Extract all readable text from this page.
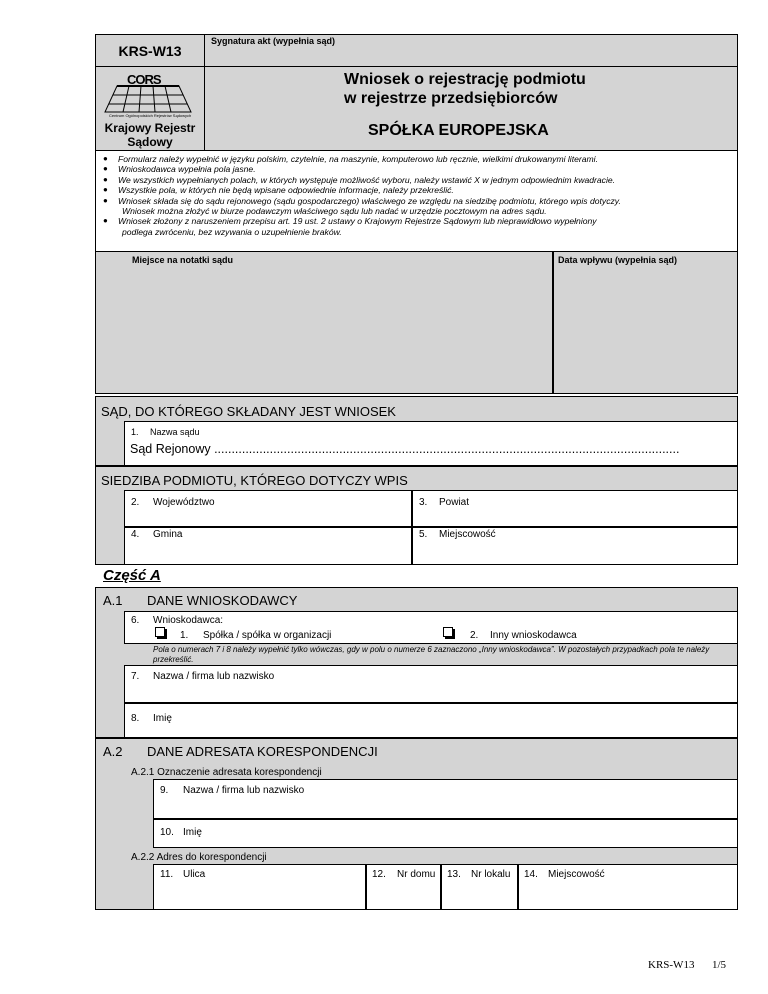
KRS-W13
Sygnatura akt (wypełnia sąd)
CORS
Centrum Ogólnopolskich Rejestrów Sądowych
Krajowy Rejestr Sądowy
Wniosek o rejestrację podmiotu
w rejestrze przedsiębiorców
SPÓŁKA EUROPEJSKA
● Formularz należy wypełnić w języku polskim, czytelnie, na maszynie, komputerowo lub ręcznie, wielkimi drukowanymi literami.
● Wnioskodawca wypełnia pola jasne.
● We wszystkich wypełnianych polach, w których występuje możliwość wyboru, należy wstawić X w jednym odpowiednim kwadracie.
● Wszystkie pola, w których nie będą wpisane odpowiednie informacje, należy przekreślić.
● Wniosek składa się do sądu rejonowego (sądu gospodarczego) właściwego ze względu na siedzibę podmiotu, którego wpis dotyczy.
Wniosek można złożyć w biurze podawczym właściwego sądu lub nadać w urzędzie pocztowym na adres sądu.
● Wniosek złożony z naruszeniem przepisu art. 19 ust. 2 ustawy o Krajowym Rejestrze Sądowym lub nieprawidłowo wypełniony
podlega zwróceniu, bez wzywania o uzupełnienie braków.
Miejsce na notatki sądu	Data wpływu (wypełnia sąd)
SĄD, DO KTÓREGO SKŁADANY JEST WNIOSEK
1. Nazwa sądu
Sąd Rejonowy ......................................................................................................................................
SIEDZIBA PODMIOTU, KTÓREGO DOTYCZY WPIS
2. Województwo	3. Powiat
4. Gmina	5. Miejscowość
Część A
A.1 DANE WNIOSKODAWCY
6. Wnioskodawca:
1. Spółka / spółka w organizacji	2. Inny wnioskodawca
Pola o numerach 7 i 8 należy wypełnić tylko wówczas, gdy w polu o numerze 6 zaznaczono „Inny wnioskodawca”. W pozostałych przypadkach pola te należy przekreślić.
7. Nazwa / firma lub nazwisko
8. Imię
A.2 DANE ADRESATA KORESPONDENCJI
A.2.1 Oznaczenie adresata korespondencji
9. Nazwa / firma lub nazwisko
10. Imię
A.2.2 Adres do korespondencji
11. Ulica	12. Nr domu 13. Nr lokalu 14. Miejscowość
KRS-W13 1/5
